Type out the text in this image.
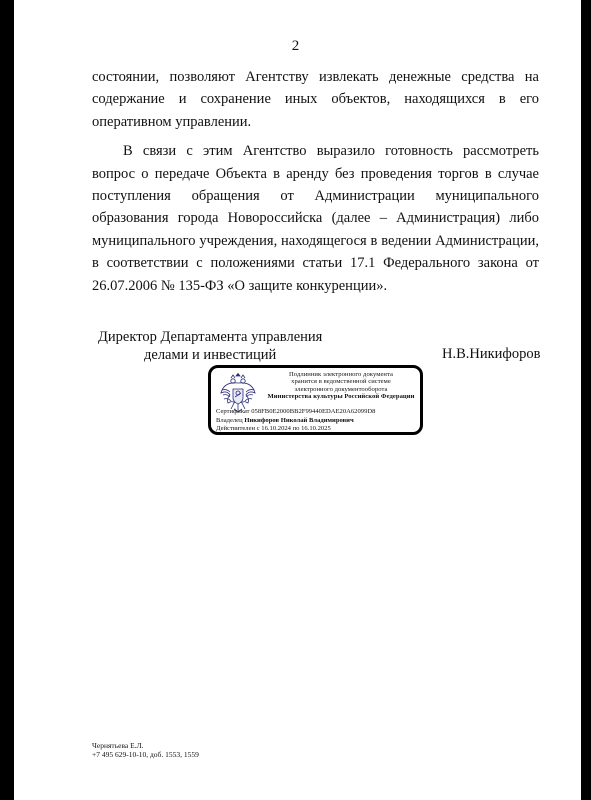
2

состоянии, позволяют Агентству извлекать денежные средства на содержание и сохранение иных объектов, находящихся в его оперативном управлении.

В связи с этим Агентство выразило готовность рассмотреть вопрос о передаче Объекта в аренду без проведения торгов в случае поступления обращения от Администрации муниципального образования города Новороссийска (далее – Администрация) либо муниципального учреждения, находящегося в ведении Администрации, в соответствии с положениями статьи 17.1 Федерального закона от 26.07.2006 № 135-ФЗ «О защите конкуренции».

Директор Департамента управления
делами и инвестиций	Н.В.Никифоров
Подлинник электронного документа
хранится в ведомственной системе
электронного документооборота
Министерства культуры Российской Федерации
Сертификат 058FB0E2000BB2F99440EDAE20A62099D8
Владелец Никифоров Николай Владимирович
Действителен с 16.10.2024 по 16.10.2025
Чернятьева Е.Л.
+7 495 629-10-10, доб. 1553, 1559
